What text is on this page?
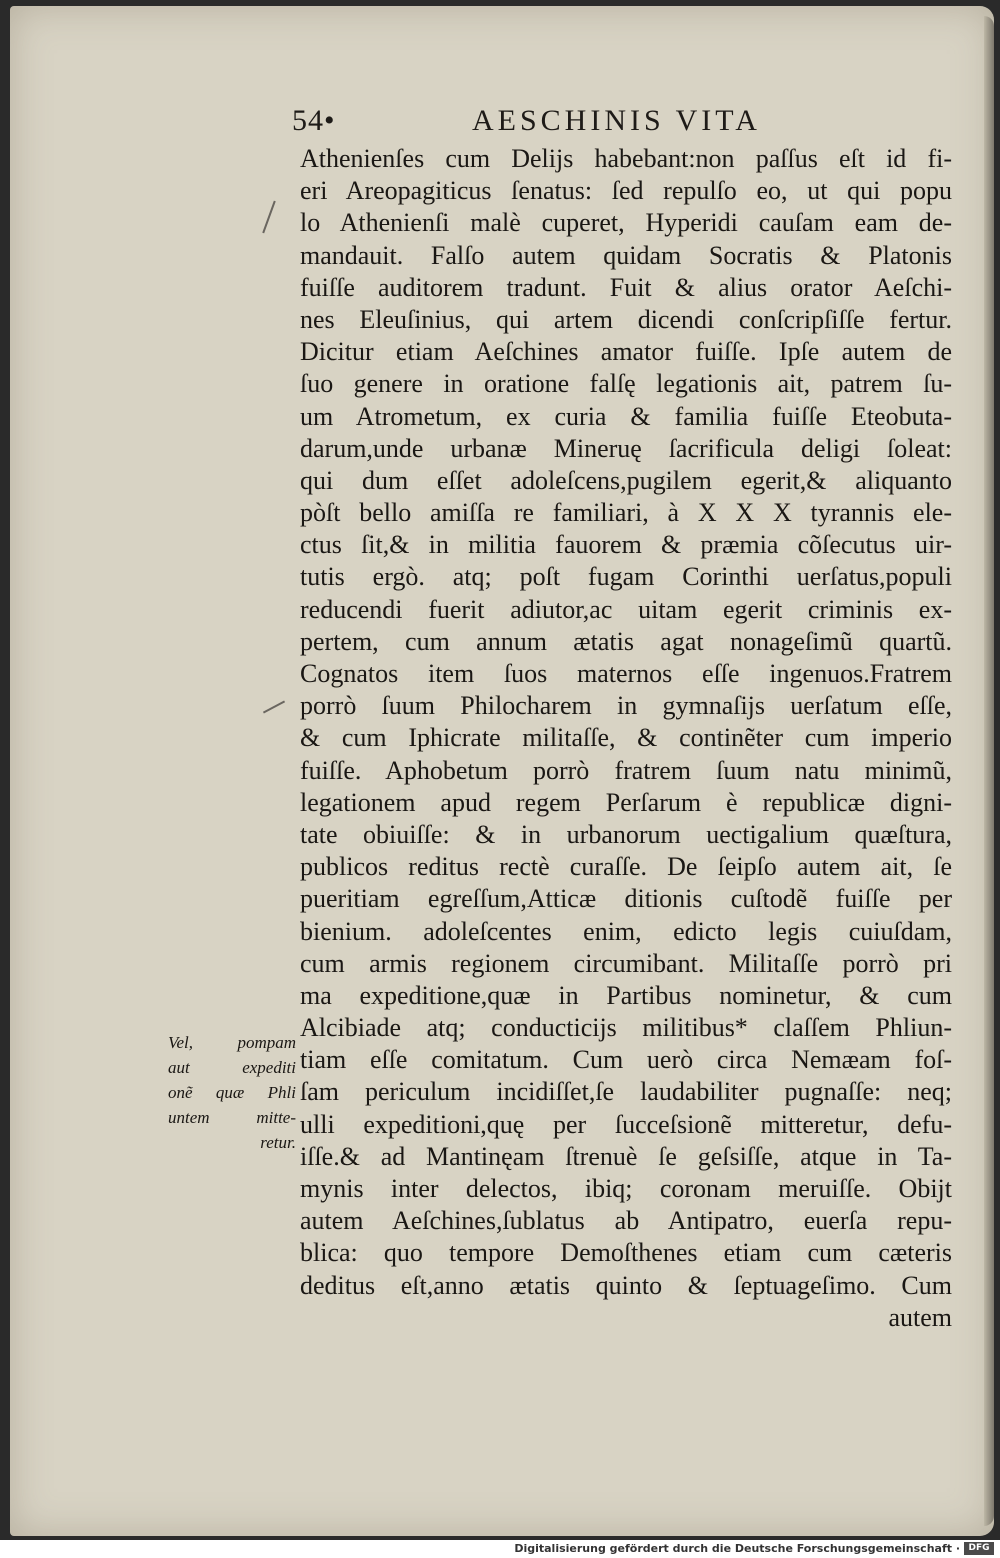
54•	AESCHINIS VITA
Athenienſes cum Delijs habebant:non paſſus eſt id fi-
eri Areopagiticus ſenatus: ſed repulſo eo, ut qui popu
lo Athenienſi malè cuperet, Hyperidi cauſam eam de-
mandauit. Falſo autem quidam Socratis & Platonis
fuiſſe auditorem tradunt. Fuit & alius orator Aeſchi-
nes Eleuſinius, qui artem dicendi conſcripſiſſe fertur.
Dicitur etiam Aeſchines amator fuiſſe. Ipſe autem de
ſuo genere in oratione falſę legationis ait, patrem ſu-
um Atrometum, ex curia & familia fuiſſe Eteobuta-
darum,unde urbanæ Mineruę ſacrificula deligi ſoleat:
qui dum eſſet adoleſcens,pugilem egerit,& aliquanto
pòſt bello amiſſa re familiari, à X X X tyrannis ele-
ctus ſit,& in militia fauorem & præmia cõſecutus uir-
tutis ergò. atq; poſt fugam Corinthi uerſatus,populi
reducendi fuerit adiutor,ac uitam egerit criminis ex-
pertem, cum annum ætatis agat nonageſimũ quartũ.
Cognatos item ſuos maternos eſſe ingenuos.Fratrem
porrò ſuum Philocharem in gymnaſijs uerſatum eſſe,
& cum Iphicrate militaſſe, & continẽter cum imperio
fuiſſe. Aphobetum porrò fratrem ſuum natu minimũ,
legationem apud regem Perſarum è republicæ digni-
tate obiuiſſe: & in urbanorum uectigalium quæſtura,
publicos reditus rectè curaſſe. De ſeipſo autem ait, ſe
pueritiam egreſſum,Atticæ ditionis cuſtodẽ fuiſſe per
bienium. adoleſcentes enim, edicto legis cuiuſdam,
cum armis regionem circumibant. Militaſſe porrò pri
ma expeditione,quæ in Partibus nominetur, & cum
Alcibiade atq; conducticijs militibus* claſſem Phliun-
tiam eſſe comitatum. Cum uerò circa Nemæam foſ-
ſam periculum incidiſſet,ſe laudabiliter pugnaſſe: neq;
ulli expeditioni,quę per ſucceſsionẽ mitteretur, defu-
iſſe.& ad Mantinęam ſtrenuè ſe geſsiſſe, atque in Ta-
mynis inter delectos, ibiq; coronam meruiſſe. Obijt
autem Aeſchines,ſublatus ab Antipatro, euerſa repu-
blica: quo tempore Demoſthenes etiam cum cæteris
deditus eſt,anno ætatis quinto & ſeptuageſimo. Cum
autem
Vel, pompam
aut expediti
onẽ quæ Phli
untem mitte-
retur.
Digitalisierung gefördert durch die Deutsche Forschungsgemeinschaft · DFG
